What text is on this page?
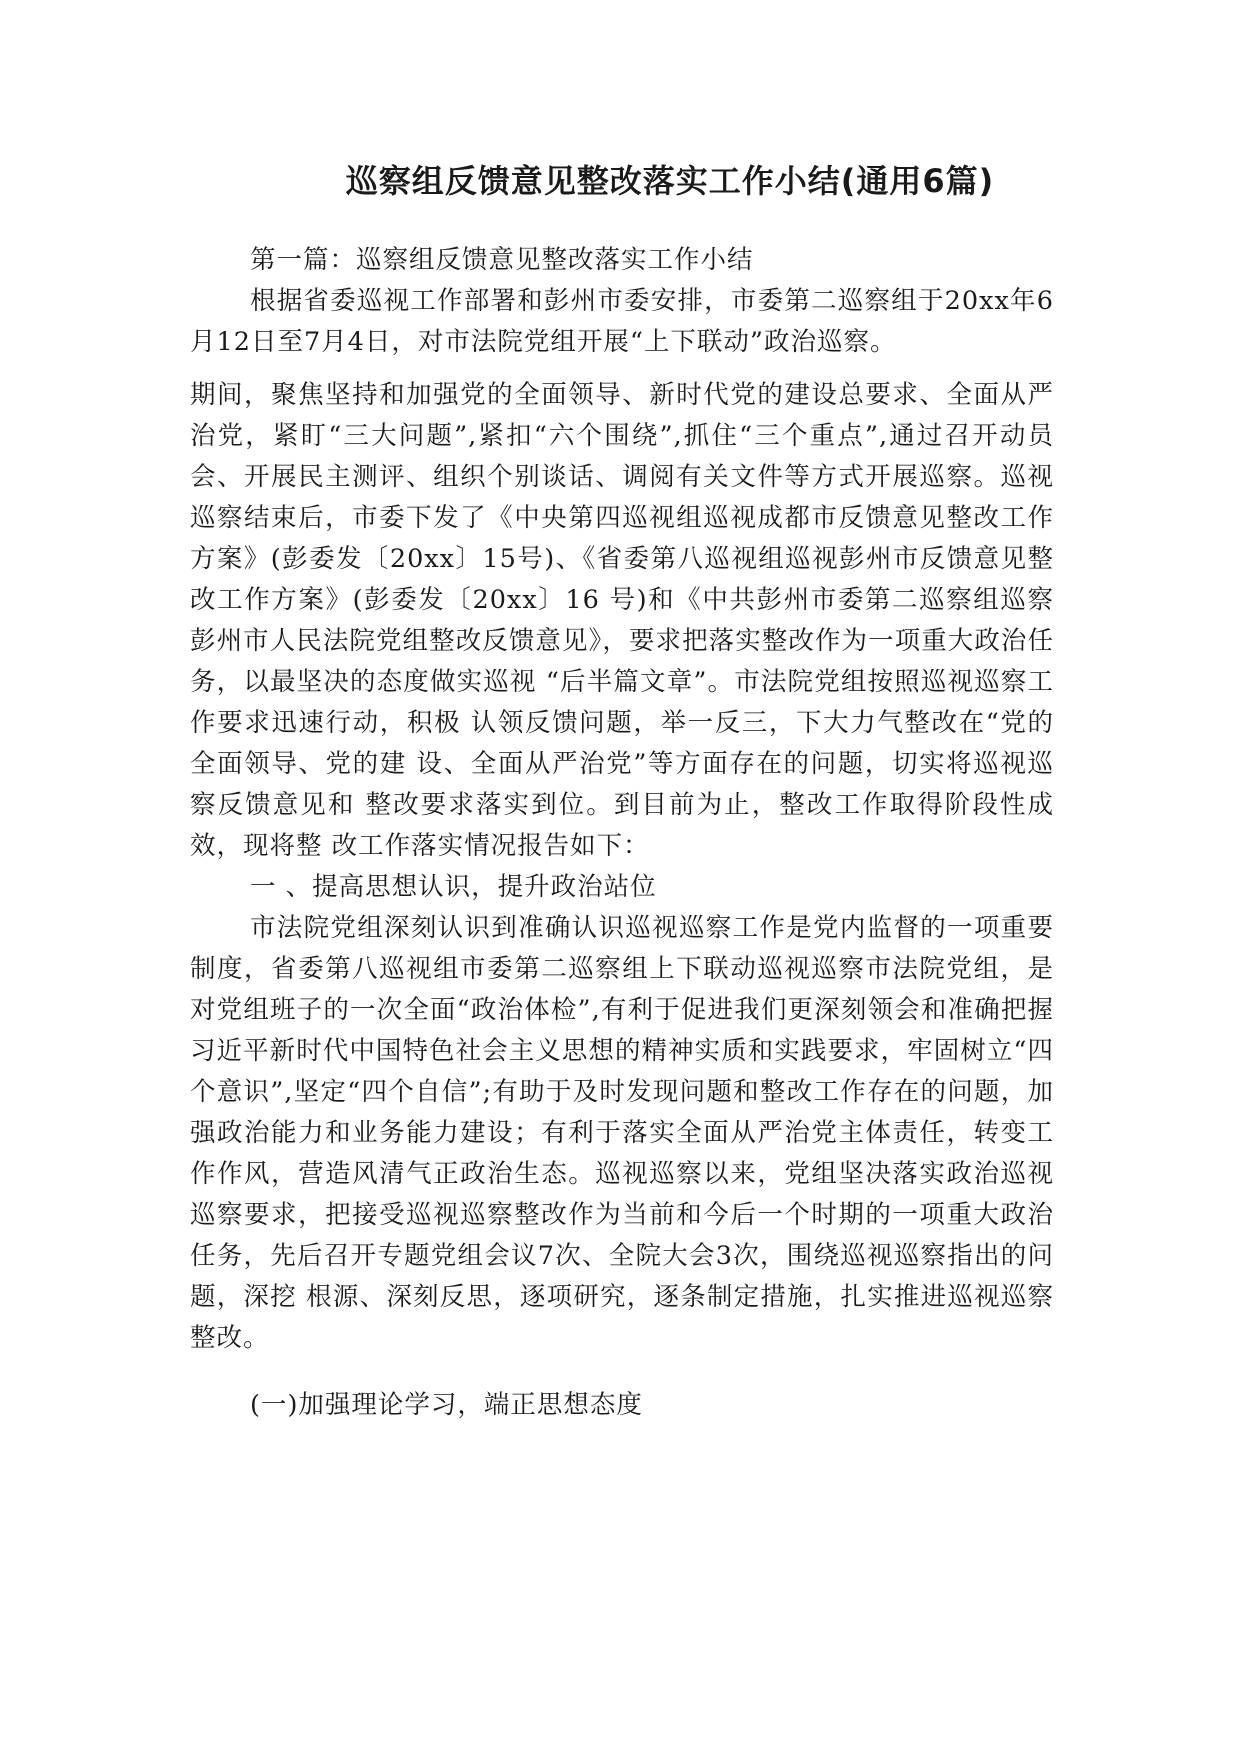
巡察组反馈意见整改落实工作小结(通用6篇)

第一篇：巡察组反馈意见整改落实工作小结

根据省委巡视工作部署和彭州市委安排，市委第二巡察组于20xx年6月12日至7月4日，对市法院党组开展“上下联动”政治巡察。

期间，聚焦坚持和加强党的全面领导、新时代党的建设总要求、全面从严治党，紧盯“三大问题”,紧扣“六个围绕”,抓住“三个重点”,通过召开动员会、开展民主测评、组织个别谈话、调阅有关文件等方式开展巡察。巡视巡察结束后，市委下发了《中央第四巡视组巡视成都市反馈意见整改工作方案》(彭委发〔20xx〕15号)、《省委第八巡视组巡视彭州市反馈意见整改工作方案》(彭委发〔20xx〕16 号)和《中共彭州市委第二巡察组巡察彭州市人民法院党组整改反馈意见》，要求把落实整改作为一项重大政治任务，以最坚决的态度做实巡视 “后半篇文章”。市法院党组按照巡视巡察工作要求迅速行动，积极 认领反馈问题，举一反三，下大力气整改在“党的全面领导、党的建 设、全面从严治党”等方面存在的问题，切实将巡视巡察反馈意见和 整改要求落实到位。到目前为止，整改工作取得阶段性成效，现将整 改工作落实情况报告如下：

一 、提高思想认识，提升政治站位

市法院党组深刻认识到准确认识巡视巡察工作是党内监督的一项重要制度，省委第八巡视组市委第二巡察组上下联动巡视巡察市法院党组，是对党组班子的一次全面“政治体检”,有利于促进我们更深刻领会和准确把握习近平新时代中国特色社会主义思想的精神实质和实践要求，牢固树立“四个意识”,坚定“四个自信”;有助于及时发现问题和整改工作存在的问题，加强政治能力和业务能力建设；有利于落实全面从严治党主体责任，转变工作作风，营造风清气正政治生态。巡视巡察以来，党组坚决落实政治巡视巡察要求，把接受巡视巡察整改作为当前和今后一个时期的一项重大政治任务，先后召开专题党组会议7次、全院大会3次，围绕巡视巡察指出的问题，深挖 根源、深刻反思，逐项研究，逐条制定措施，扎实推进巡视巡察整改。

(一)加强理论学习，端正思想态度
